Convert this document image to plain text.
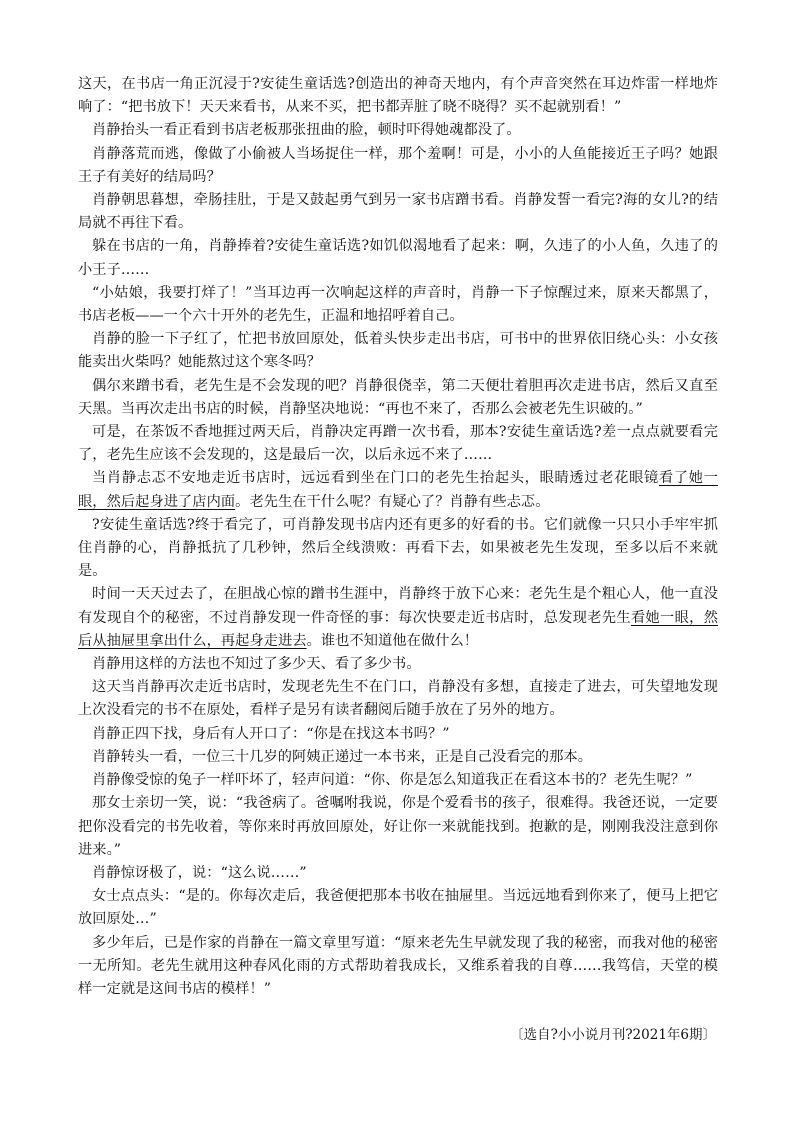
这天，在书店一角正沉浸于?安徒生童话选?创造出的神奇天地内，有个声音突然在耳边炸雷一样地炸响了：“把书放下！天天来看书，从来不买，把书都弄脏了晓不晓得？买不起就别看！”

肖静抬头一看正看到书店老板那张扭曲的脸，顿时吓得她魂都没了。

肖静落荒而逃，像做了小偷被人当场捉住一样，那个羞啊！可是，小小的人鱼能接近王子吗？她跟王子有美好的结局吗？

肖静朝思暮想，牵肠挂肚，于是又鼓起勇气到另一家书店蹭书看。肖静发誓一看完?海的女儿?的结局就不再往下看。

躲在书店的一角，肖静捧着?安徒生童话选?如饥似渴地看了起来：啊，久违了的小人鱼，久违了的小王子……

“小姑娘，我要打烊了！”当耳边再一次响起这样的声音时，肖静一下子惊醒过来，原来天都黑了，书店老板——一个六十开外的老先生，正温和地招呼着自己。

肖静的脸一下子红了，忙把书放回原处，低着头快步走出书店，可书中的世界依旧绕心头：小女孩能卖出火柴吗？她能熬过这个寒冬吗？

偶尔来蹭书看，老先生是不会发现的吧？肖静很侥幸，第二天便壮着胆再次走进书店，然后又直至天黑。当再次走出书店的时候，肖静坚决地说：“再也不来了，否那么会被老先生识破的。”

可是，在茶饭不香地捱过两天后，肖静决定再蹭一次书看，那本?安徒生童话选?差一点点就要看完了，老先生应该不会发现的，这是最后一次，以后永远不来了……

当肖静忐忑不安地走近书店时，远远看到坐在门口的老先生抬起头，眼睛透过老花眼镜看了她一眼，然后起身进了店内面。老先生在干什么呢？有疑心了？肖静有些忐忑。

?安徒生童话选?终于看完了，可肖静发现书店内还有更多的好看的书。它们就像一只只小手牢牢抓住肖静的心，肖静抵抗了几秒钟，然后全线溃败：再看下去，如果被老先生发现，至多以后不来就是。

时间一天天过去了，在胆战心惊的蹭书生涯中，肖静终于放下心来：老先生是个粗心人，他一直没有发现自个的秘密，不过肖静发现一件奇怪的事：每次快要走近书店时，总发现老先生看她一眼，然后从抽屉里拿出什么，再起身走进去。谁也不知道他在做什么！

肖静用这样的方法也不知过了多少天、看了多少书。

这天当肖静再次走近书店时，发现老先生不在门口，肖静没有多想，直接走了进去，可失望地发现上次没看完的书不在原处，看样子是另有读者翻阅后随手放在了另外的地方。

肖静正四下找，身后有人开口了：“你是在找这本书吗？”

肖静转头一看，一位三十几岁的阿姨正递过一本书来，正是自己没看完的那本。

肖静像受惊的兔子一样吓坏了，轻声问道：“你、你是怎么知道我正在看这本书的？老先生呢？”

那女士亲切一笑，说：“我爸病了。爸嘱咐我说，你是个爱看书的孩子，很难得。我爸还说，一定要把你没看完的书先收着，等你来时再放回原处，好让你一来就能找到。抱歉的是，刚刚我没注意到你进来。”

肖静惊讶极了，说：“这么说……”

女士点点头：“是的。你每次走后，我爸便把那本书收在抽屉里。当远远地看到你来了，便马上把它放回原处…”

多少年后，已是作家的肖静在一篇文章里写道：“原来老先生早就发现了我的秘密，而我对他的秘密一无所知。老先生就用这种春风化雨的方式帮助着我成长，又维系着我的自尊……我笃信，天堂的模样一定就是这间书店的模样！”

〔选自?小小说月刊?2021年6期〕
